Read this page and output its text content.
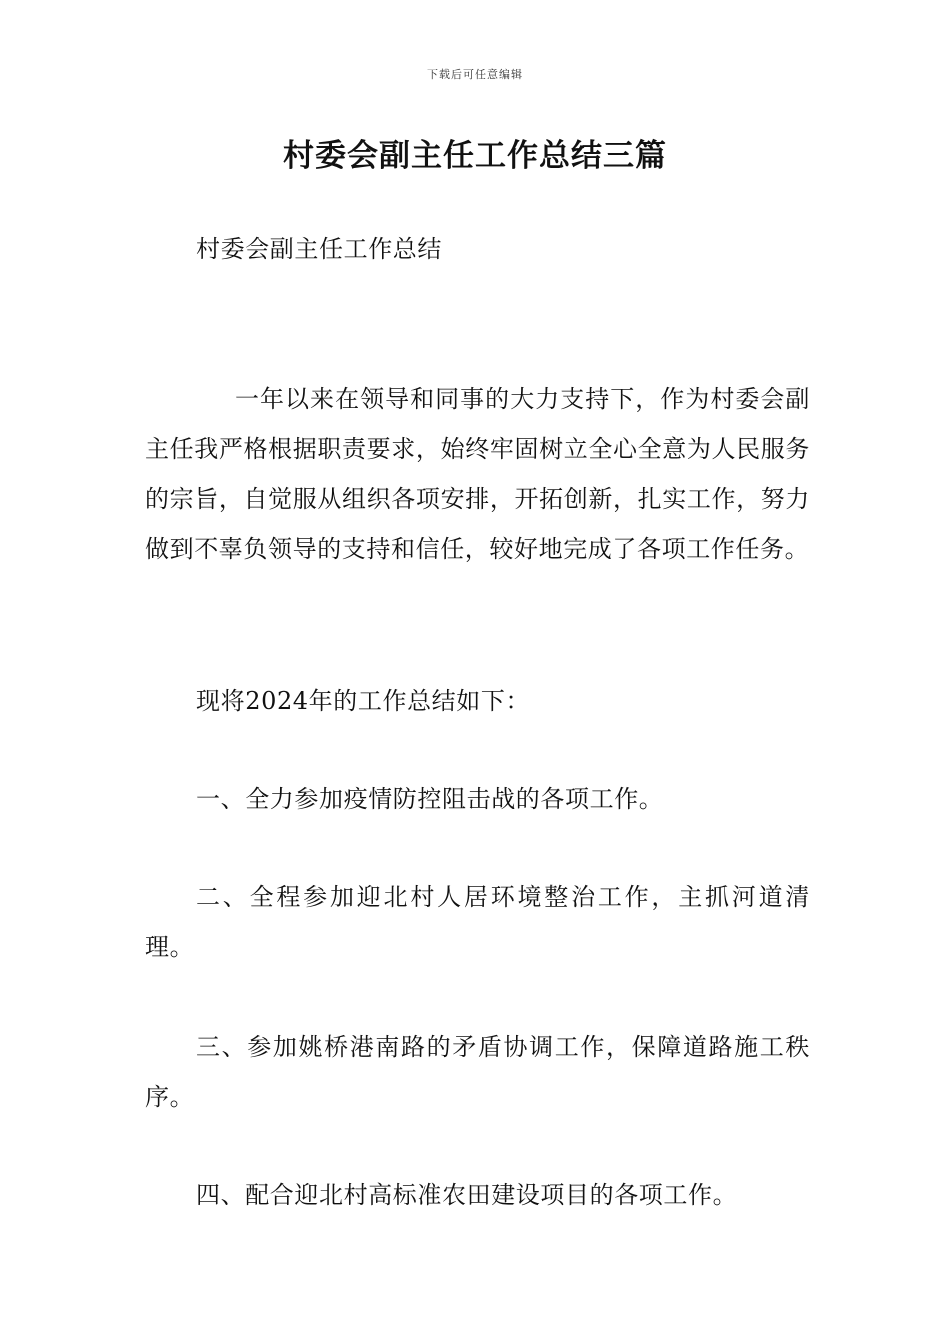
下载后可任意编辑
村委会副主任工作总结三篇

村委会副主任工作总结

一年以来在领导和同事的大力支持下，作为村委会副主任我严格根据职责要求，始终牢固树立全心全意为人民服务的宗旨，自觉服从组织各项安排，开拓创新，扎实工作，努力做到不辜负领导的支持和信任，较好地完成了各项工作任务。

现将2024年的工作总结如下：

一、全力参加疫情防控阻击战的各项工作。

二、全程参加迎北村人居环境整治工作，主抓河道清理。

三、参加姚桥港南路的矛盾协调工作，保障道路施工秩序。

四、配合迎北村高标准农田建设项目的各项工作。
